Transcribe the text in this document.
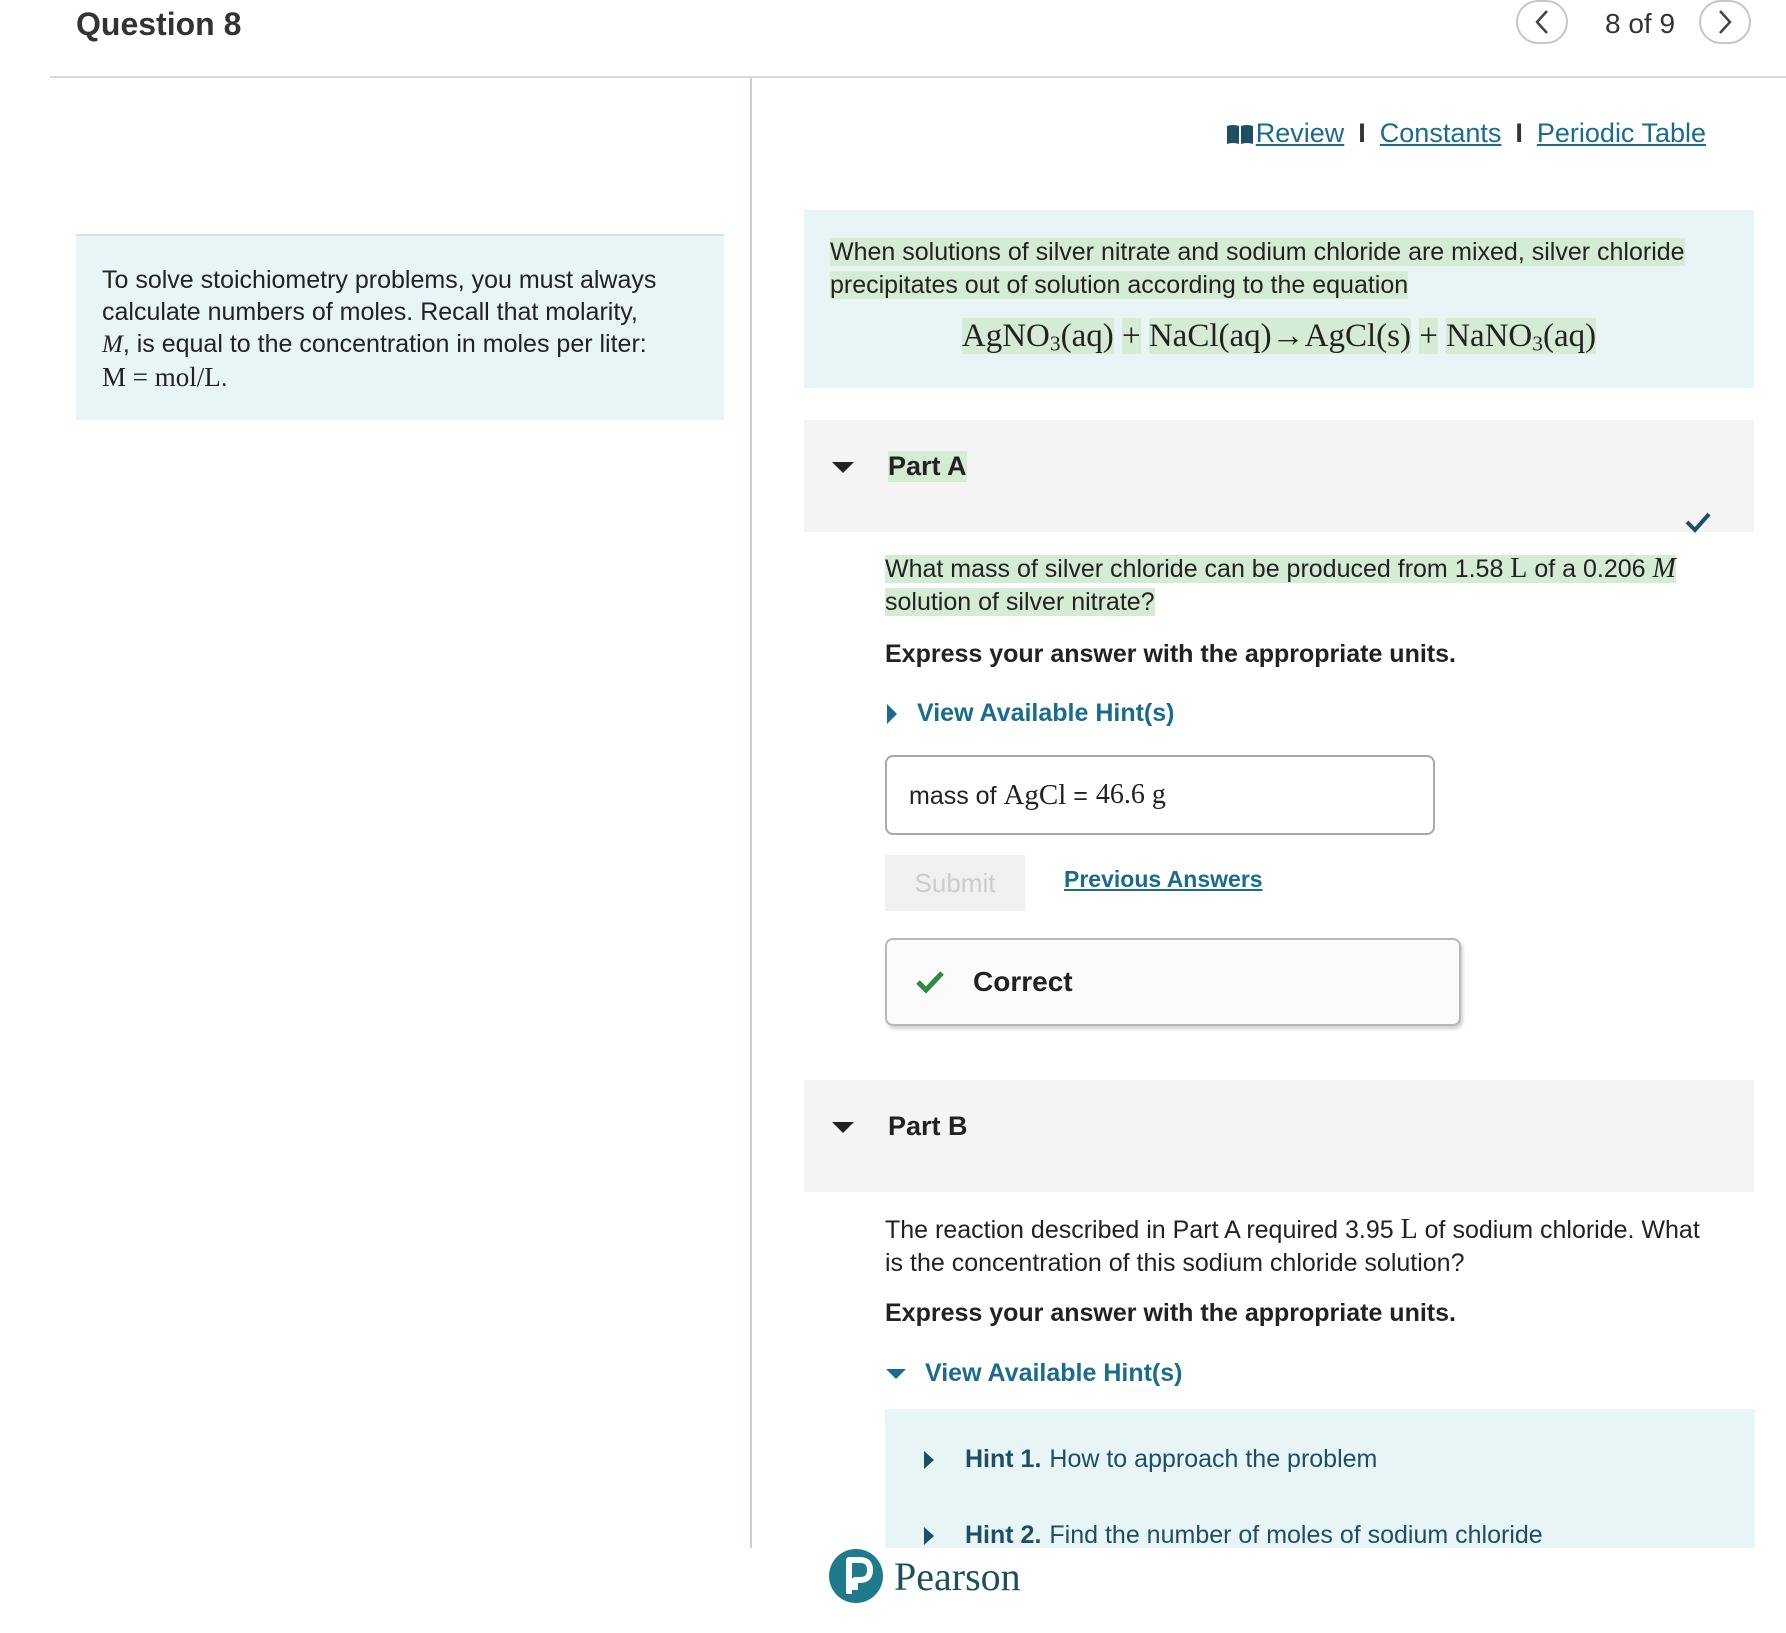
Question 8	8 of 9
To solve stoichiometry problems, you must always
calculate numbers of moles. Recall that molarity,
M, is equal to the concentration in moles per liter:
M = mol/L.
Review I Constants I Periodic Table
When solutions of silver nitrate and sodium chloride are mixed, silver chloride
precipitates out of solution according to the equation
AgNO$_3$(aq) + NaCl(aq)→AgCl(s) + NaNO$_3$(aq)
Part A
What mass of silver chloride can be produced from 1.58 L of a 0.206 M
solution of silver nitrate?
Express your answer with the appropriate units.
View Available Hint(s)
mass of AgCl = 46.6 g
Submit	Previous Answers
Correct
Part B
The reaction described in Part A required 3.95 L of sodium chloride. What
is the concentration of this sodium chloride solution?
Express your answer with the appropriate units.
View Available Hint(s)
Hint 1. How to approach the problem
Hint 2. Find the number of moles of sodium chloride
Pearson
